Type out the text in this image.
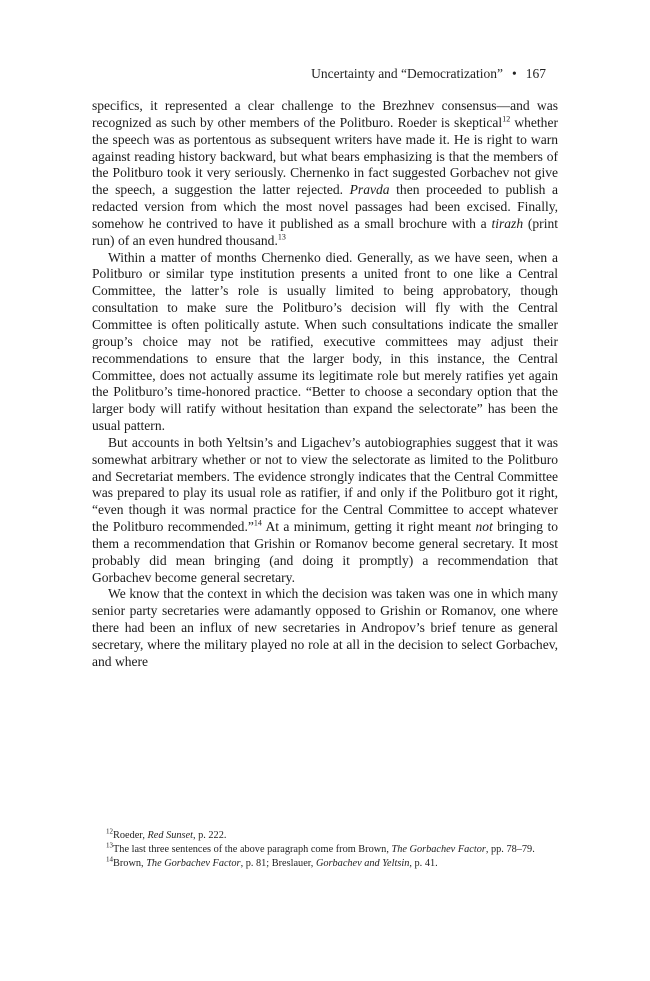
Uncertainty and “Democratization” • 167

specifics, it represented a clear challenge to the Brezhnev consensus—and was recognized as such by other members of the Politburo. Roeder is skeptical$^{12}$ whether the speech was as portentous as subsequent writers have made it. He is right to warn against reading history backward, but what bears emphasizing is that the members of the Politburo took it very seriously. Chernenko in fact suggested Gorbachev not give the speech, a suggestion the latter rejected. Pravda then proceeded to publish a redacted version from which the most novel passages had been excised. Finally, somehow he contrived to have it published as a small brochure with a tirazh (print run) of an even hundred thousand.$^{13}$

Within a matter of months Chernenko died. Generally, as we have seen, when a Politburo or similar type institution presents a united front to one like a Central Committee, the latter’s role is usually limited to being approbatory, though consultation to make sure the Politburo’s decision will fly with the Central Committee is often politically astute. When such consultations indicate the smaller group’s choice may not be ratified, executive committees may adjust their recommendations to ensure that the larger body, in this instance, the Central Committee, does not actually assume its legitimate role but merely ratifies yet again the Politburo’s time-honored practice. “Better to choose a secondary option that the larger body will ratify without hesitation than expand the selectorate” has been the usual pattern.

But accounts in both Yeltsin’s and Ligachev’s autobiographies suggest that it was somewhat arbitrary whether or not to view the selectorate as limited to the Politburo and Secretariat members. The evidence strongly indicates that the Central Committee was prepared to play its usual role as ratifier, if and only if the Politburo got it right, “even though it was normal practice for the Central Committee to accept whatever the Politburo recommended.”$^{14}$ At a minimum, getting it right meant not bringing to them a recommendation that Grishin or Romanov become general secretary. It most probably did mean bringing (and doing it promptly) a recommendation that Gorbachev become general secretary.

We know that the context in which the decision was taken was one in which many senior party secretaries were adamantly opposed to Grishin or Romanov, one where there had been an influx of new secretaries in Andropov’s brief tenure as general secretary, where the military played no role at all in the decision to select Gorbachev, and where

$^{12}$Roeder, Red Sunset, p. 222.

$^{13}$The last three sentences of the above paragraph come from Brown, The Gorbachev Factor, pp. 78–79.

$^{14}$Brown, The Gorbachev Factor, p. 81; Breslauer, Gorbachev and Yeltsin, p. 41.
